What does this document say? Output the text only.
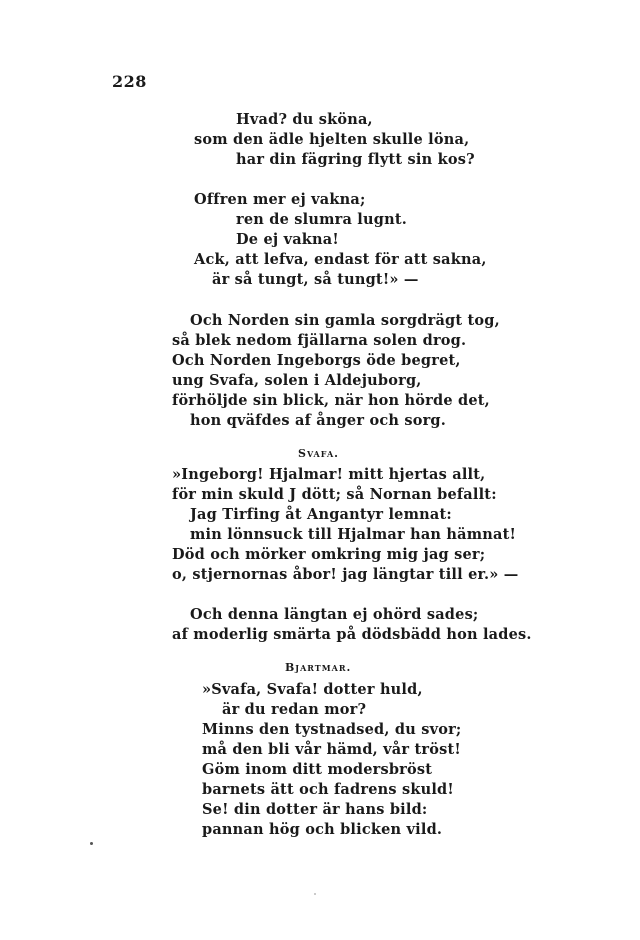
228
Hvad? du sköna,
som den ädle hjelten skulle löna,
har din fägring flytt sin kos?
Offren mer ej vakna;
ren de slumra lugnt.
De ej vakna!
Ack, att lefva, endast för att sakna,
är så tungt, så tungt!» —
Och Norden sin gamla sorgdrägt tog,
så blek nedom fjällarna solen drog.
Och Norden Ingeborgs öde begret,
ung Svafa, solen i Aldejuborg,
förhöljde sin blick, när hon hörde det,
hon qväfdes af ånger och sorg.
Svafa.
»Ingeborg! Hjalmar! mitt hjertas allt,
för min skuld J dött; så Nornan befallt:
Jag Tirfing åt Angantyr lemnat:
min lönnsuck till Hjalmar han hämnat!
Död och mörker omkring mig jag ser;
o, stjernornas åbor! jag längtar till er.» —
Och denna längtan ej ohörd sades;
af moderlig smärta på dödsbädd hon lades.
Bjartmar.
»Svafa, Svafa! dotter huld,
är du redan mor?
Minns den tystnadsed, du svor;
må den bli vår hämd, vår tröst!
Göm inom ditt modersbröst
barnets ätt och fadrens skuld!
Se! din dotter är hans bild:
pannan hög och blicken vild.
